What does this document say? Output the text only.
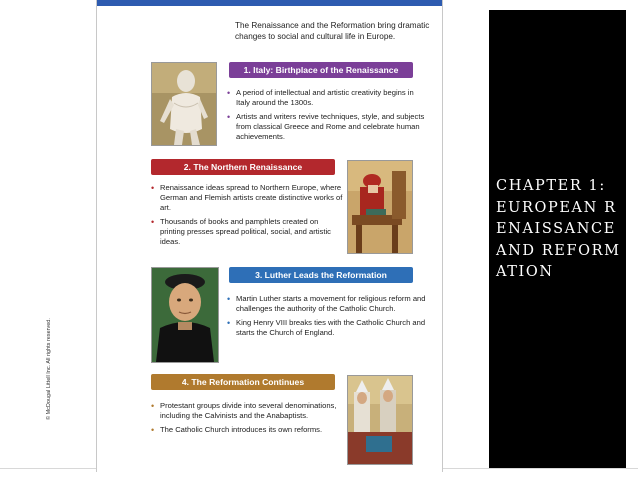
© McDougal Littell Inc. All rights reserved.
The Renaissance and the Reformation bring dramatic changes to social and cultural life in Europe.
1. Italy: Birthplace of the Renaissance
• A period of intellectual and artistic creativity begins in Italy around the 1300s.
• Artists and writers revive techniques, style, and subjects from classical Greece and Rome and celebrate human achievements.
2. The Northern Renaissance
• Renaissance ideas spread to Northern Europe, where German and Flemish artists create distinctive works of art.
• Thousands of books and pamphlets created on printing presses spread political, social, and artistic ideas.
3. Luther Leads the Reformation
• Martin Luther starts a movement for religious reform and challenges the authority of the Catholic Church.
• King Henry VIII breaks ties with the Catholic Church and starts the Church of England.
4. The Reformation Continues
• Protestant groups divide into several denominations, including the Calvinists and the Anabaptists.
• The Catholic Church introduces its own reforms.
CHAPTER 1: EUROPEAN RENAISSANCE AND REFORMATION
